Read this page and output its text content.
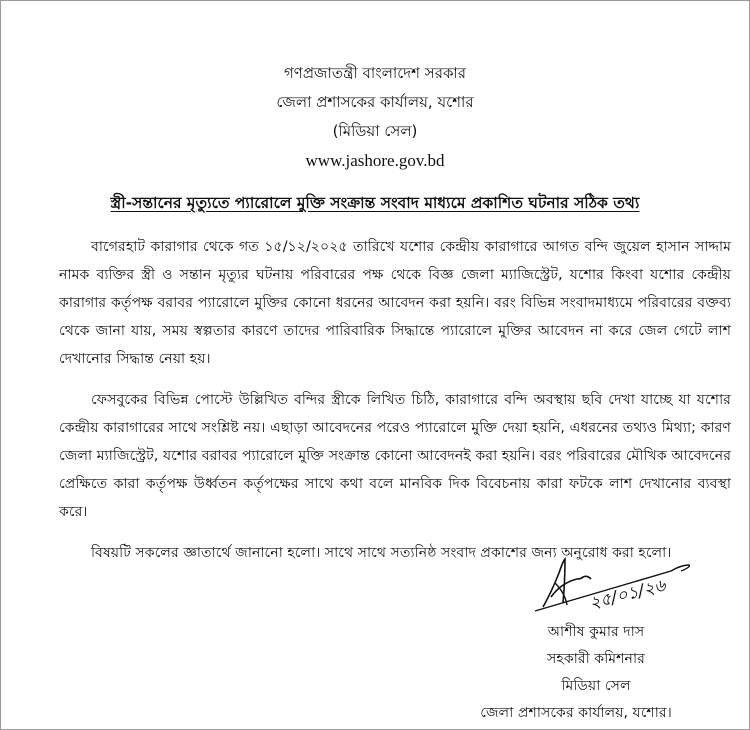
গণপ্রজাতন্ত্রী বাংলাদেশ সরকার
জেলা প্রশাসকের কার্যালয়, যশোর
(মিডিয়া সেল)
www.jashore.gov.bd
স্ত্রী-সন্তানের মৃত্যুতে প্যারোলে মুক্তি সংক্রান্ত সংবাদ মাধ্যমে প্রকাশিত ঘটনার সঠিক তথ্য

বাগেরহাট কারাগার থেকে গত ১৫/১২/২০২৫ তারিখে যশোর কেন্দ্রীয় কারাগারে আগত বন্দি জুয়েল হাসান সাদ্দাম নামক ব্যক্তির স্ত্রী ও সন্তান মৃত্যুর ঘটনায় পরিবারের পক্ষ থেকে বিজ্ঞ জেলা ম্যাজিস্ট্রেট, যশোর কিংবা যশোর কেন্দ্রীয় কারাগার কর্তৃপক্ষ বরাবর প্যারোলে মুক্তির কোনো ধরনের আবেদন করা হয়নি। বরং বিভিন্ন সংবাদমাধ্যমে পরিবারের বক্তব্য থেকে জানা যায়, সময় স্বল্পতার কারণে তাদের পারিবারিক সিদ্ধান্তে প্যারোলে মুক্তির আবেদন না করে জেল গেটে লাশ দেখানোর সিদ্ধান্ত নেয়া হয়।

ফেসবুকের বিভিন্ন পোস্টে উল্লিখিত বন্দির স্ত্রীকে লিখিত চিঠি, কারাগারে বন্দি অবস্থায় ছবি দেখা যাচ্ছে যা যশোর কেন্দ্রীয় কারাগারের সাথে সংশ্লিষ্ট নয়। এছাড়া আবেদনের পরেও প্যারোলে মুক্তি দেয়া হয়নি, এধরনের তথ্যও মিথ্যা; কারণ জেলা ম্যাজিস্ট্রেট, যশোর বরাবর প্যারোলে মুক্তি সংক্রান্ত কোনো আবেদনই করা হয়নি। বরং পরিবারের মৌখিক আবেদনের প্রেক্ষিতে কারা কর্তৃপক্ষ উর্ধ্বতন কর্তৃপক্ষের সাথে কথা বলে মানবিক দিক বিবেচনায় কারা ফটকে লাশ দেখানোর ব্যবস্থা করে।

বিষয়টি সকলের জ্ঞাতার্থে জানানো হলো। সাথে সাথে সত্যনিষ্ঠ সংবাদ প্রকাশের জন্য অনুরোধ করা হলো।

২৫/০১/২৬
আশীষ কুমার দাস
সহকারী কমিশনার
মিডিয়া সেল
জেলা প্রশাসকের কার্যালয়, যশোর।
